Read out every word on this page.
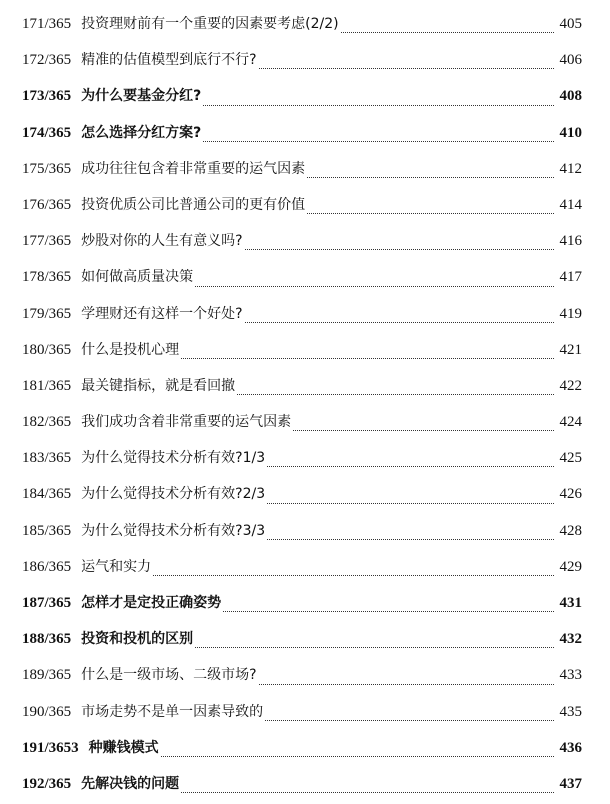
171/365 投资理财前有一个重要的因素要考虑(2/2)	405
172/365 精准的估值模型到底行不行?	406
173/365 为什么要基金分红?	408
174/365 怎么选择分红方案?	410
175/365 成功往往包含着非常重要的运气因素	412
176/365 投资优质公司比普通公司的更有价值	414
177/365 炒股对你的人生有意义吗?	416
178/365 如何做高质量决策	417
179/365 学理财还有这样一个好处?	419
180/365 什么是投机心理	421
181/365 最关键指标，就是看回撤	422
182/365 我们成功含着非常重要的运气因素	424
183/365 为什么觉得技术分析有效?1/3	425
184/365 为什么觉得技术分析有效?2/3	426
185/365 为什么觉得技术分析有效?3/3	428
186/365 运气和实力	429
187/365 怎样才是定投正确姿势	431
188/365 投资和投机的区别	432
189/365 什么是一级市场、二级市场?	433
190/365 市场走势不是单一因素导致的	435
191/3653 种赚钱模式	436
192/365 先解决钱的问题	437
